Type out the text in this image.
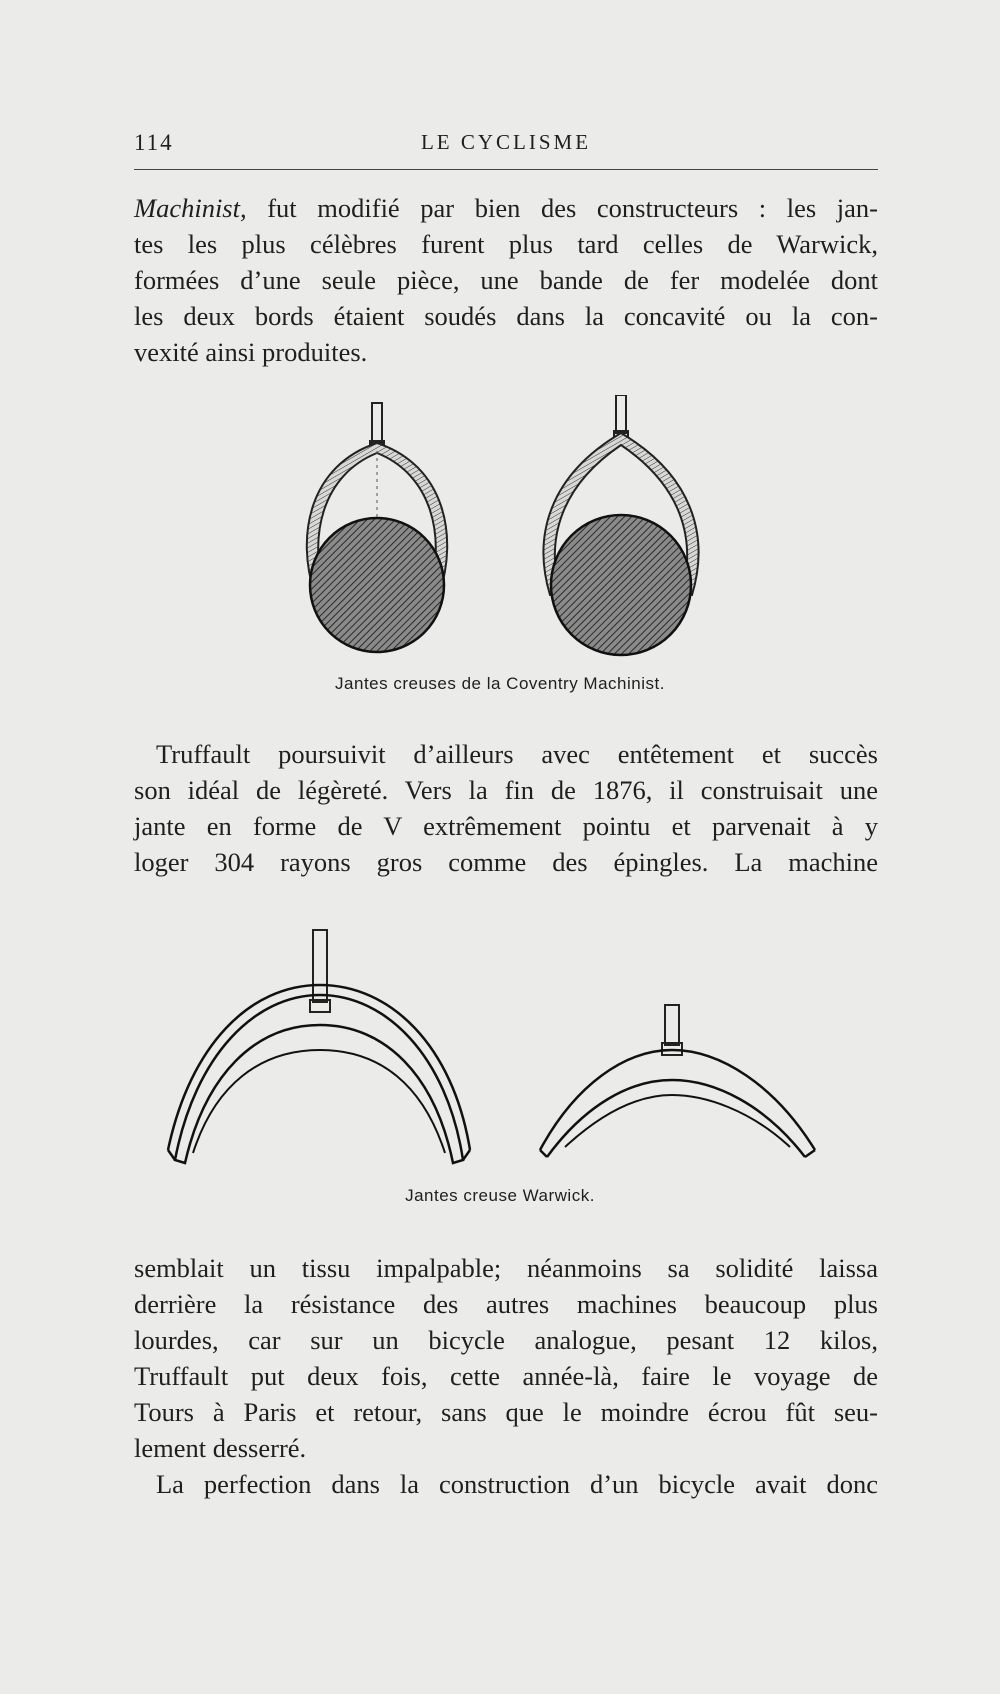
114	LE CYCLISME
Machinist, fut modifié par bien des constructeurs : les jan-
tes les plus célèbres furent plus tard celles de Warwick,
formées d’une seule pièce, une bande de fer modelée dont
les deux bords étaient soudés dans la concavité ou la con-
vexité ainsi produites.
Jantes creuses de la Coventry Machinist.
Truffault poursuivit d’ailleurs avec entêtement et succès
son idéal de légèreté. Vers la fin de 1876, il construisait une
jante en forme de V extrêmement pointu et parvenait à y
loger 304 rayons gros comme des épingles. La machine
Jantes creuse Warwick.
semblait un tissu impalpable; néanmoins sa solidité laissa
derrière la résistance des autres machines beaucoup plus
lourdes, car sur un bicycle analogue, pesant 12 kilos,
Truffault put deux fois, cette année-là, faire le voyage de
Tours à Paris et retour, sans que le moindre écrou fût seu-
lement desserré.
La perfection dans la construction d’un bicycle avait donc
